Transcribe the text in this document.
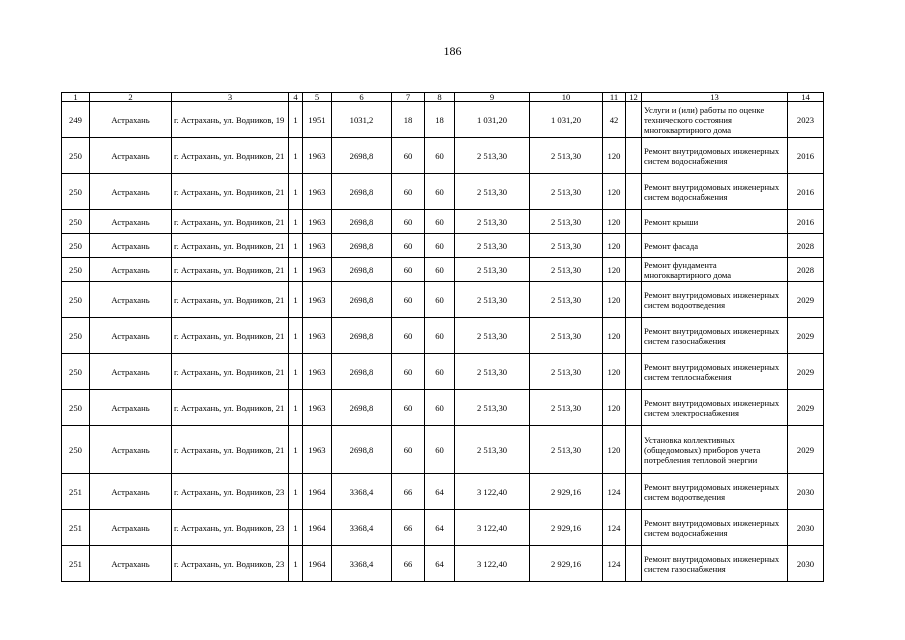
186
1	2	3	4	5	6	7	8	9	10	11	12	13	14
249	Астрахань	г. Астрахань, ул. Водников, 19	1	1951	1031,2	18	18	1 031,20	1 031,20	42		Услуги и (или) работы по оценке технического состояния многоквартирного дома	2023
250	Астрахань	г. Астрахань, ул. Водников, 21	1	1963	2698,8	60	60	2 513,30	2 513,30	120		Ремонт внутридомовых инженерных систем водоснабжения	2016
250	Астрахань	г. Астрахань, ул. Водников, 21	1	1963	2698,8	60	60	2 513,30	2 513,30	120		Ремонт внутридомовых инженерных систем водоснабжения	2016
250	Астрахань	г. Астрахань, ул. Водников, 21	1	1963	2698,8	60	60	2 513,30	2 513,30	120		Ремонт крыши	2016
250	Астрахань	г. Астрахань, ул. Водников, 21	1	1963	2698,8	60	60	2 513,30	2 513,30	120		Ремонт фасада	2028
250	Астрахань	г. Астрахань, ул. Водников, 21	1	1963	2698,8	60	60	2 513,30	2 513,30	120		Ремонт фундамента многоквартирного дома	2028
250	Астрахань	г. Астрахань, ул. Водников, 21	1	1963	2698,8	60	60	2 513,30	2 513,30	120		Ремонт внутридомовых инженерных систем водоотведения	2029
250	Астрахань	г. Астрахань, ул. Водников, 21	1	1963	2698,8	60	60	2 513,30	2 513,30	120		Ремонт внутридомовых инженерных систем газоснабжения	2029
250	Астрахань	г. Астрахань, ул. Водников, 21	1	1963	2698,8	60	60	2 513,30	2 513,30	120		Ремонт внутридомовых инженерных систем теплоснабжения	2029
250	Астрахань	г. Астрахань, ул. Водников, 21	1	1963	2698,8	60	60	2 513,30	2 513,30	120		Ремонт внутридомовых инженерных систем электроснабжения	2029
250	Астрахань	г. Астрахань, ул. Водников, 21	1	1963	2698,8	60	60	2 513,30	2 513,30	120		Установка коллективных (общедомовых) приборов учета потребления тепловой энергии	2029
251	Астрахань	г. Астрахань, ул. Водников, 23	1	1964	3368,4	66	64	3 122,40	2 929,16	124		Ремонт внутридомовых инженерных систем водоотведения	2030
251	Астрахань	г. Астрахань, ул. Водников, 23	1	1964	3368,4	66	64	3 122,40	2 929,16	124		Ремонт внутридомовых инженерных систем водоснабжения	2030
251	Астрахань	г. Астрахань, ул. Водников, 23	1	1964	3368,4	66	64	3 122,40	2 929,16	124		Ремонт внутридомовых инженерных систем газоснабжения	2030
